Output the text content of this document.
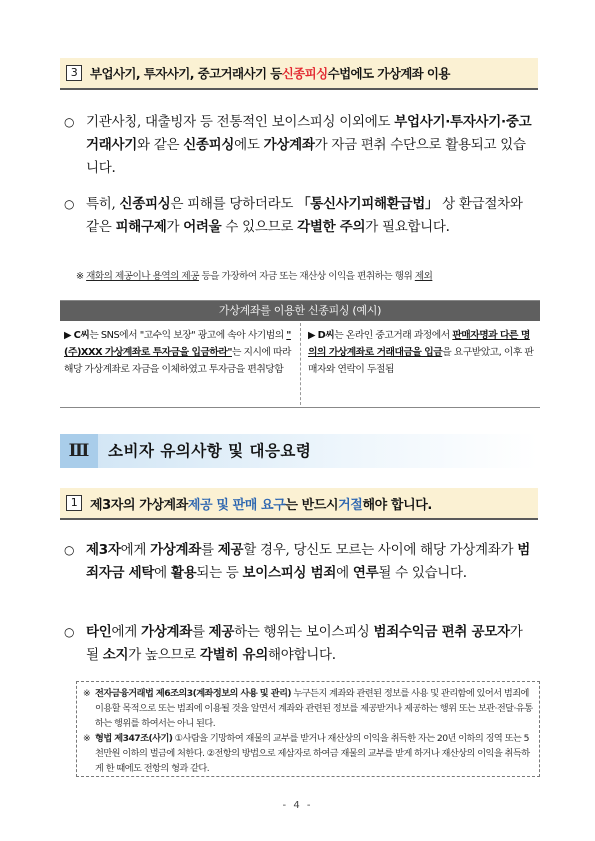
3	부업사기, 투자사기, 중고거래사기 등 신종피싱 수법에도 가상계좌 이용
○ 기관사칭, 대출빙자 등 전통적인 보이스피싱 이외에도 부업사기·투자사기·중고거래사기와 같은 신종피싱에도 가상계좌가 자금 편취 수단으로 활용되고 있습니다.
○ 특히, 신종피싱은 피해를 당하더라도 「통신사기피해환급법」 상 환급절차와 같은 피해구제가 어려울 수 있으므로 각별한 주의가 필요합니다.
※ 재화의 제공이나 용역의 제공 등을 가장하여 자금 또는 재산상 이익을 편취하는 행위 제외
가상계좌를 이용한 신종피싱 (예시)
▶ C씨는 SNS에서 "고수익 보장" 광고에 속아 사기범의 "(주)XXX 가상계좌로 투자금을 입금하라"는 지시에 따라 해당 가상계좌로 자금을 이체하였고 투자금을 편취당함
▶ D씨는 온라인 중고거래 과정에서 판매자명과 다른 명의의 가상계좌로 거래대금을 입금을 요구받았고, 이후 판매자와 연락이 두절됨
Ⅲ	소비자 유의사항 및 대응요령
1 제3자의 가상계좌 제공 및 판매 요구 는 반드시 거절 해야 합니다.
○ 제3자에게 가상계좌를 제공할 경우, 당신도 모르는 사이에 해당 가상계좌가 범죄자금 세탁에 활용되는 등 보이스피싱 범죄에 연루될 수 있습니다.
○ 타인에게 가상계좌를 제공하는 행위는 보이스피싱 범죄수익금 편취 공모자가 될 소지가 높으므로 각별히 유의해야합니다.
※ 전자금융거래법 제6조의3(계좌정보의 사용 및 관리) 누구든지 계좌와 관련된 정보를 사용 및 관리함에 있어서 범죄에 이용할 목적으로 또는 범죄에 이용될 것을 알면서 계좌와 관련된 정보를 제공받거나 제공하는 행위 또는 보관·전달·유통하는 행위를 하여서는 아니 된다.
※ 형법 제347조(사기) ①사람을 기망하여 재물의 교부를 받거나 재산상의 이익을 취득한 자는 20년 이하의 징역 또는 5천만원 이하의 벌금에 처한다. ②전항의 방법으로 제삼자로 하여금 재물의 교부를 받게 하거나 재산상의 이익을 취득하게 한 때에도 전항의 형과 같다.
- 4 -
